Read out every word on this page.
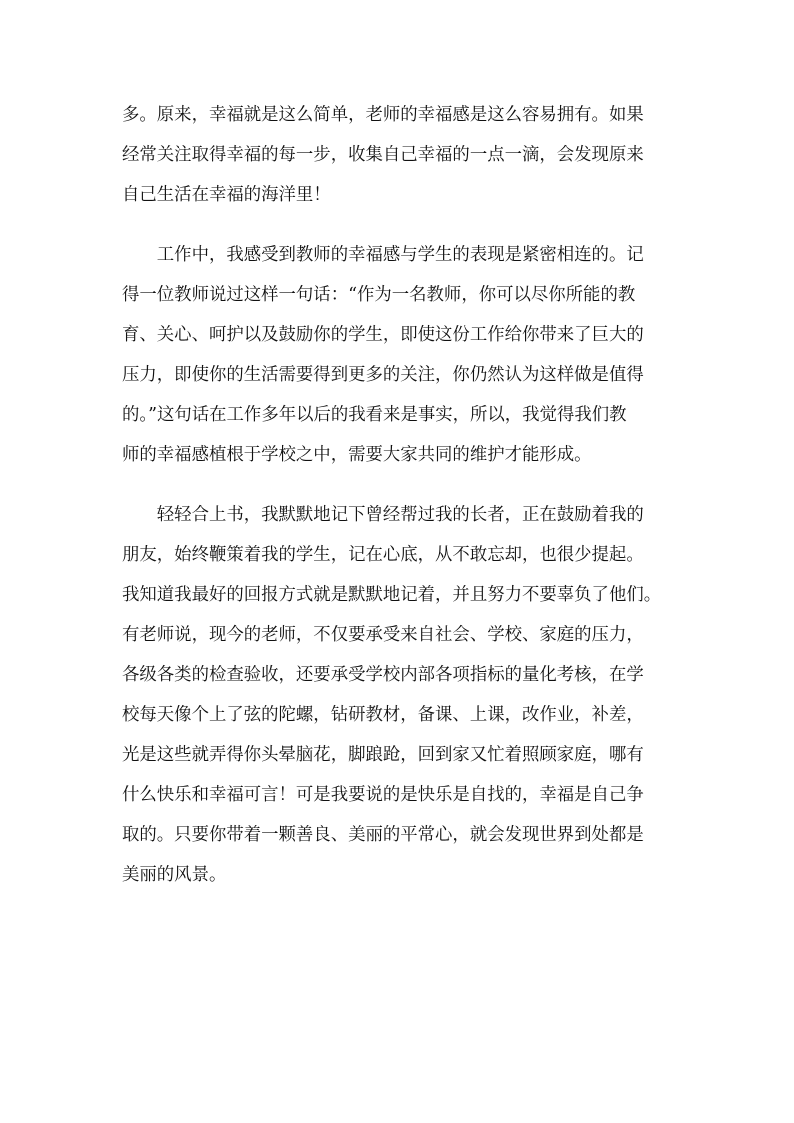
多。原来，幸福就是这么简单，老师的幸福感是这么容易拥有。如果
经常关注取得幸福的每一步，收集自己幸福的一点一滴，会发现原来
自己生活在幸福的海洋里！
　　工作中，我感受到教师的幸福感与学生的表现是紧密相连的。记
得一位教师说过这样一句话：“作为一名教师，你可以尽你所能的教
育、关心、呵护以及鼓励你的学生，即使这份工作给你带来了巨大的
压力，即使你的生活需要得到更多的关注，你仍然认为这样做是值得
的。”这句话在工作多年以后的我看来是事实，所以，我觉得我们教
师的幸福感植根于学校之中，需要大家共同的维护才能形成。
　　轻轻合上书，我默默地记下曾经帮过我的长者，正在鼓励着我的
朋友，始终鞭策着我的学生，记在心底，从不敢忘却，也很少提起。
我知道我最好的回报方式就是默默地记着，并且努力不要辜负了他们。
有老师说，现今的老师，不仅要承受来自社会、学校、家庭的压力，
各级各类的检查验收，还要承受学校内部各项指标的量化考核，在学
校每天像个上了弦的陀螺，钻研教材，备课、上课，改作业，补差，
光是这些就弄得你头晕脑花，脚踉跄，回到家又忙着照顾家庭，哪有
什么快乐和幸福可言！可是我要说的是快乐是自找的，幸福是自己争
取的。只要你带着一颗善良、美丽的平常心，就会发现世界到处都是
美丽的风景。
